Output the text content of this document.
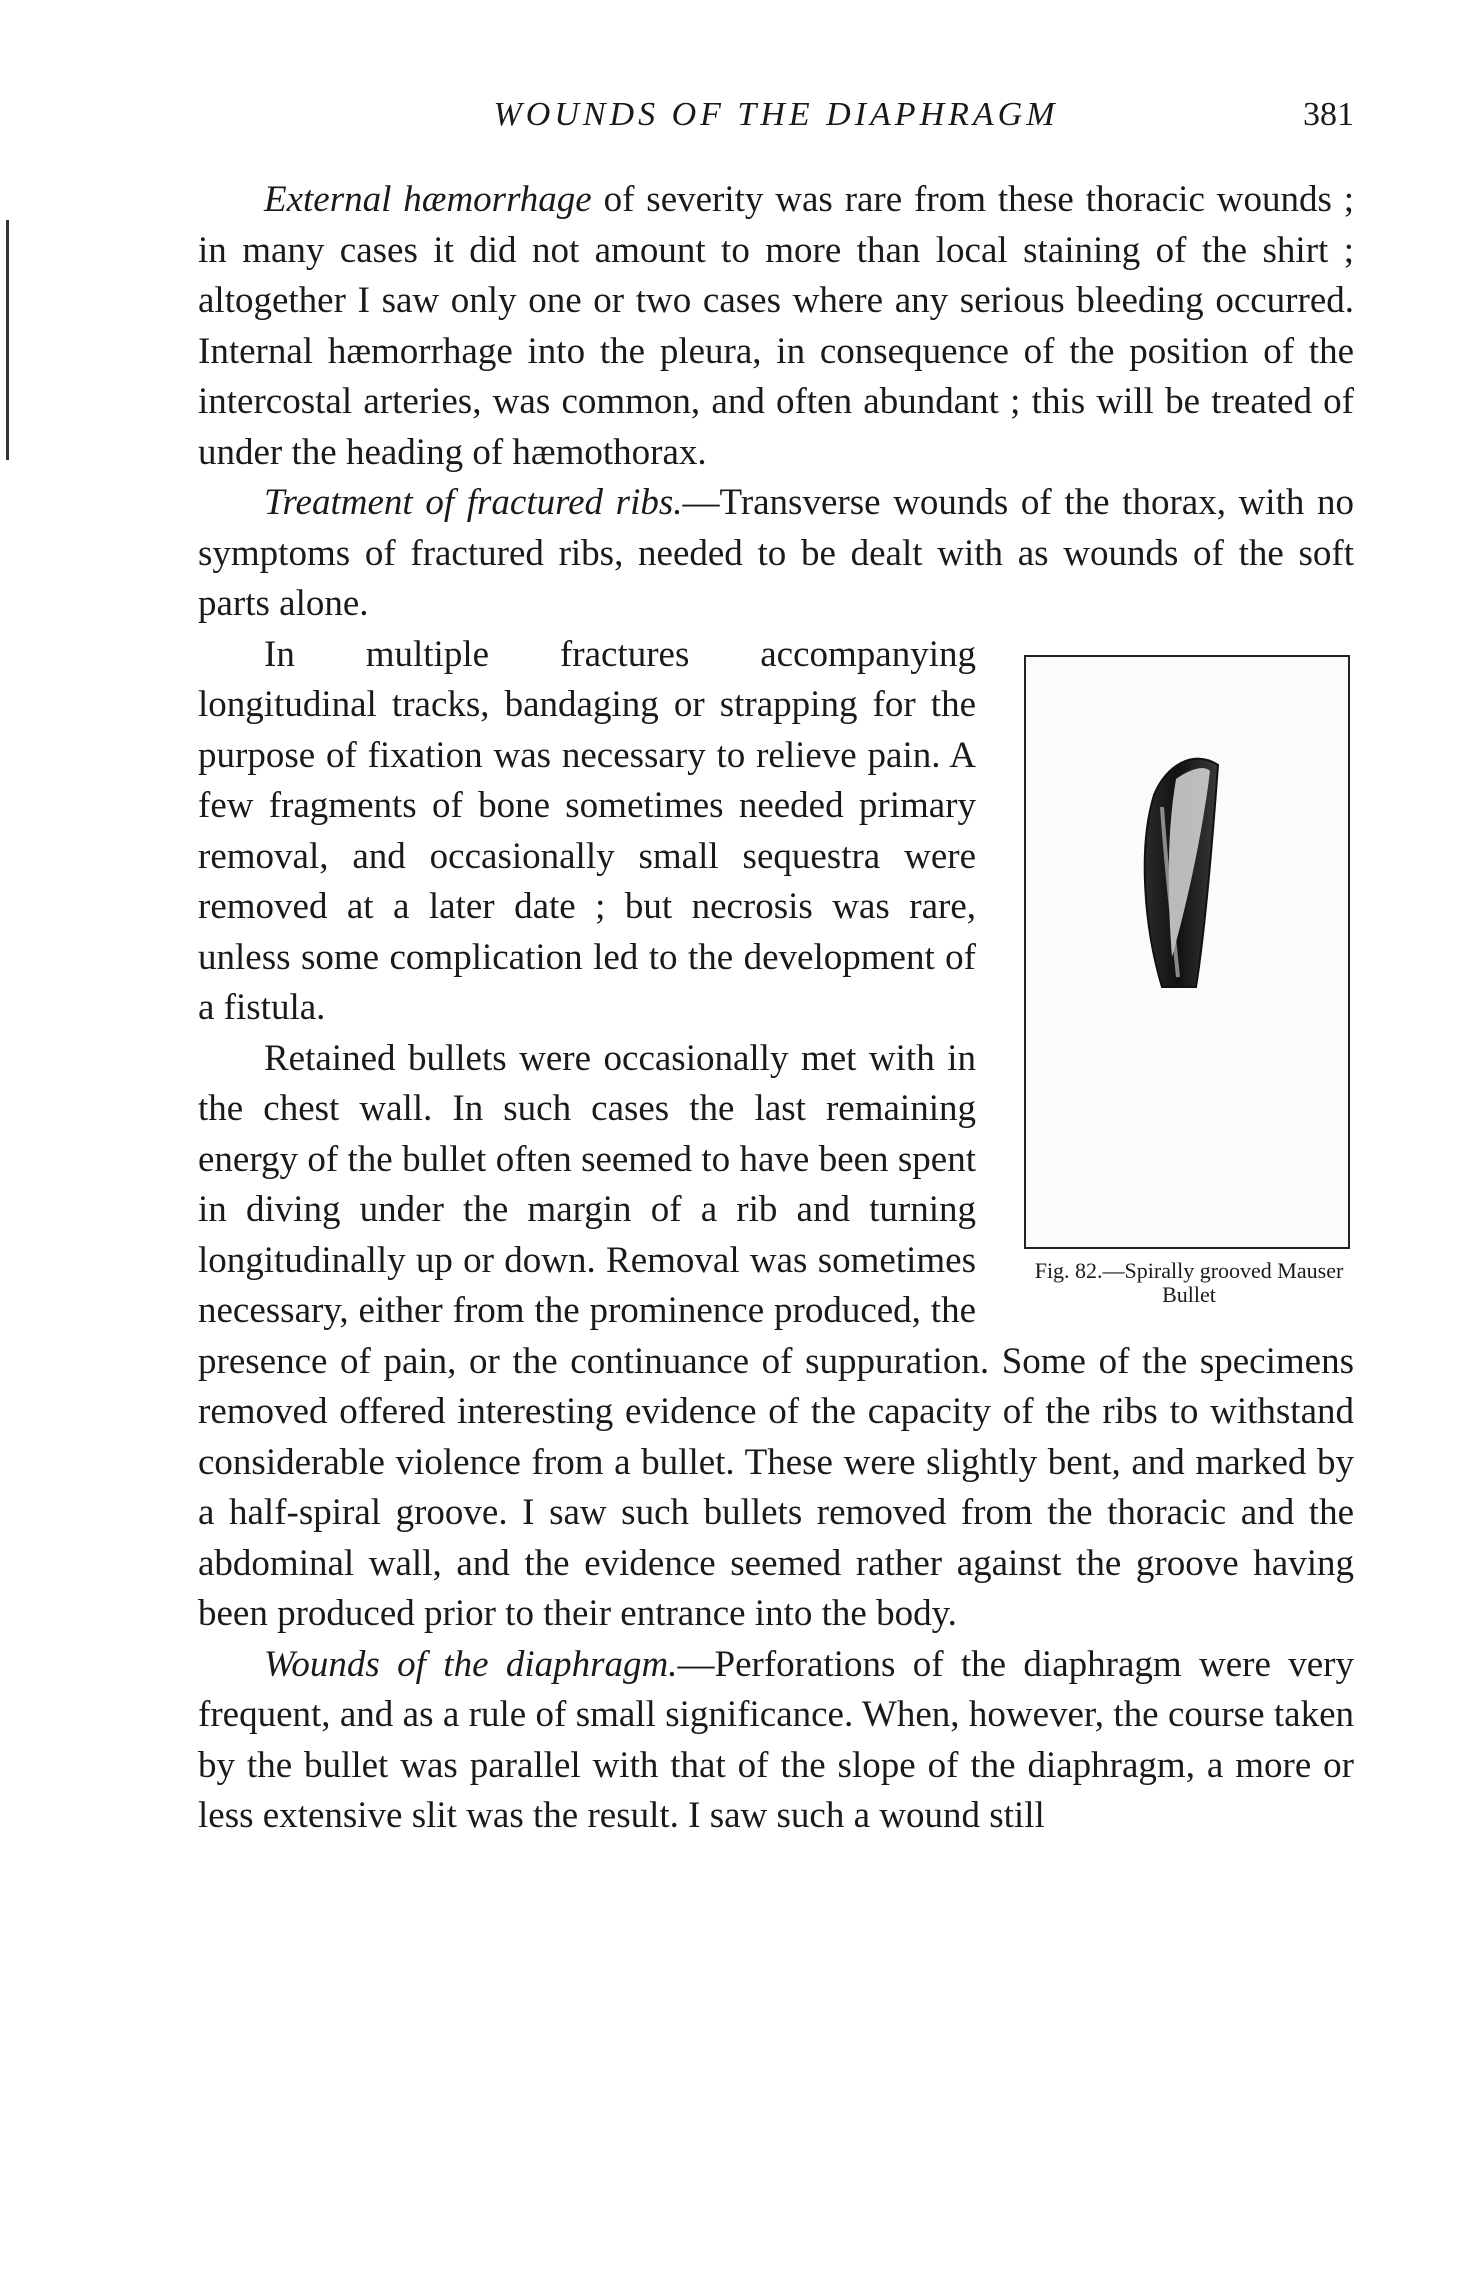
WOUNDS OF THE DIAPHRAGM	381

External hæmorrhage of severity was rare from these thoracic wounds ; in many cases it did not amount to more than local staining of the shirt ; altogether I saw only one or two cases where any serious bleeding occurred. Internal hæmorrhage into the pleura, in consequence of the position of the intercostal arteries, was common, and often abundant ; this will be treated of under the heading of hæmothorax.

Treatment of fractured ribs.—Transverse wounds of the thorax, with no symptoms of fractured ribs, needed to be dealt with as wounds of the soft parts alone.

Fig. 82.—Spirally grooved Mauser Bullet

In multiple fractures accompanying longitudinal tracks, bandaging or strapping for the purpose of fixation was necessary to relieve pain. A few fragments of bone sometimes needed primary removal, and occasionally small sequestra were removed at a later date ; but necrosis was rare, unless some complication led to the development of a fistula.

Retained bullets were occasionally met with in the chest wall. In such cases the last remaining energy of the bullet often seemed to have been spent in diving under the margin of a rib and turning longitudinally up or down. Removal was sometimes necessary, either from the prominence produced, the presence of pain, or the continuance of suppuration. Some of the specimens removed offered interesting evidence of the capacity of the ribs to withstand considerable violence from a bullet. These were slightly bent, and marked by a half-spiral groove. I saw such bullets removed from the thoracic and the abdominal wall, and the evidence seemed rather against the groove having been produced prior to their entrance into the body.

Wounds of the diaphragm.—Perforations of the diaphragm were very frequent, and as a rule of small significance. When, however, the course taken by the bullet was parallel with that of the slope of the diaphragm, a more or less extensive slit was the result. I saw such a wound still
